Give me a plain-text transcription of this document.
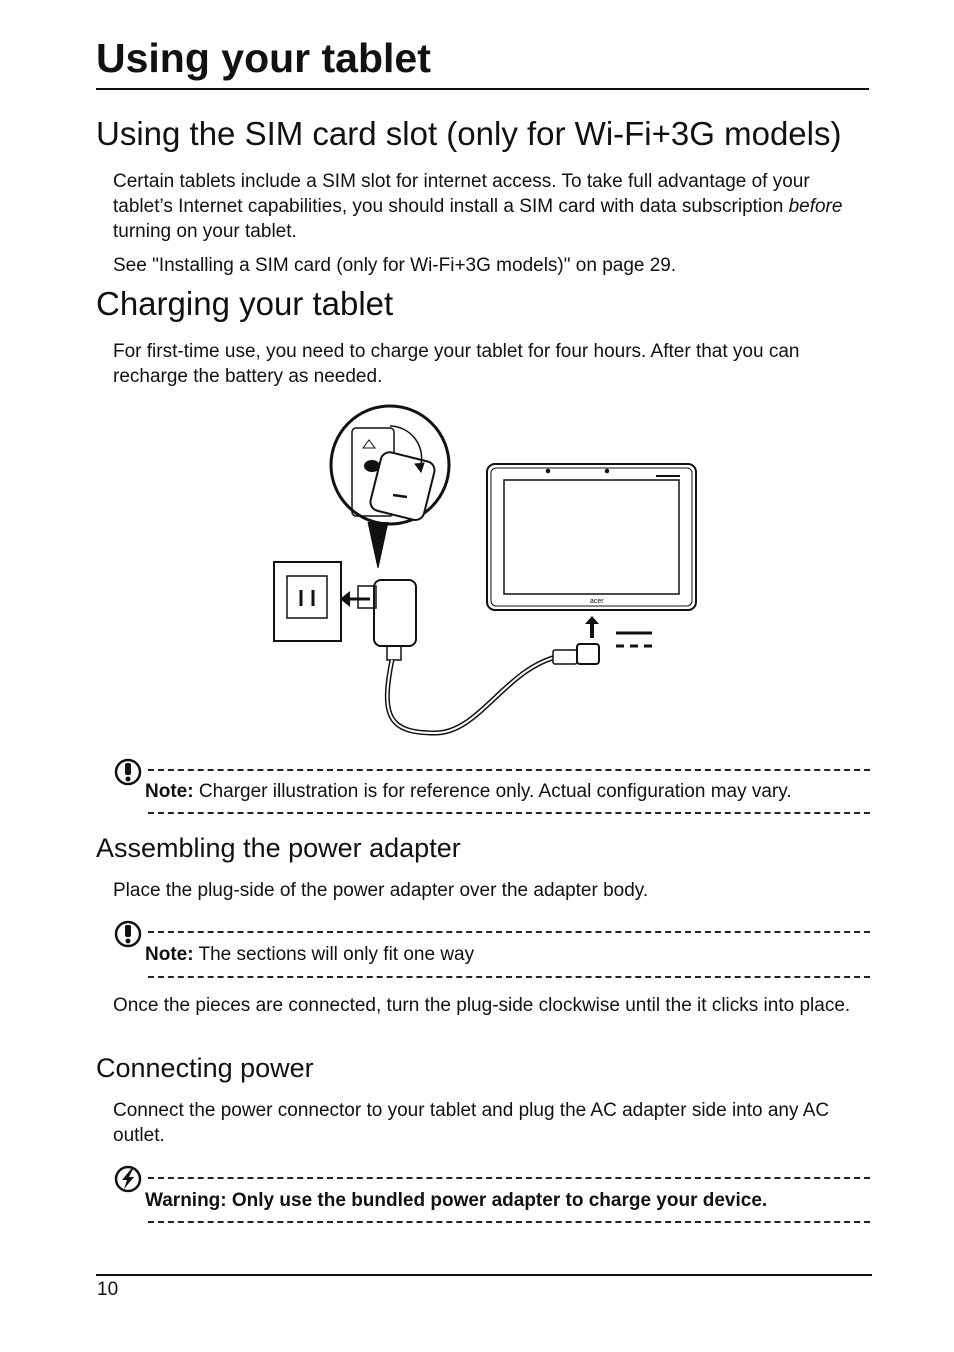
Using your tablet
Using the SIM card slot (only for Wi-Fi+3G models)

Certain tablets include a SIM slot for internet access. To take full advantage of your tablet’s Internet capabilities, you should install a SIM card with data subscription before turning on your tablet.

See "Installing a SIM card (only for Wi-Fi+3G models)" on page 29.

Charging your tablet

For first-time use, you need to charge your tablet for four hours. After that you can recharge the battery as needed.

acer
Note: Charger illustration is for reference only. Actual configuration may vary.
Assembling the power adapter

Place the plug-side of the power adapter over the adapter body.

Note: The sections will only fit one way

Once the pieces are connected, turn the plug-side clockwise until the it clicks into place.

Connecting power

Connect the power connector to your tablet and plug the AC adapter side into any AC outlet.

Warning: Only use the bundled power adapter to charge your device.
10
